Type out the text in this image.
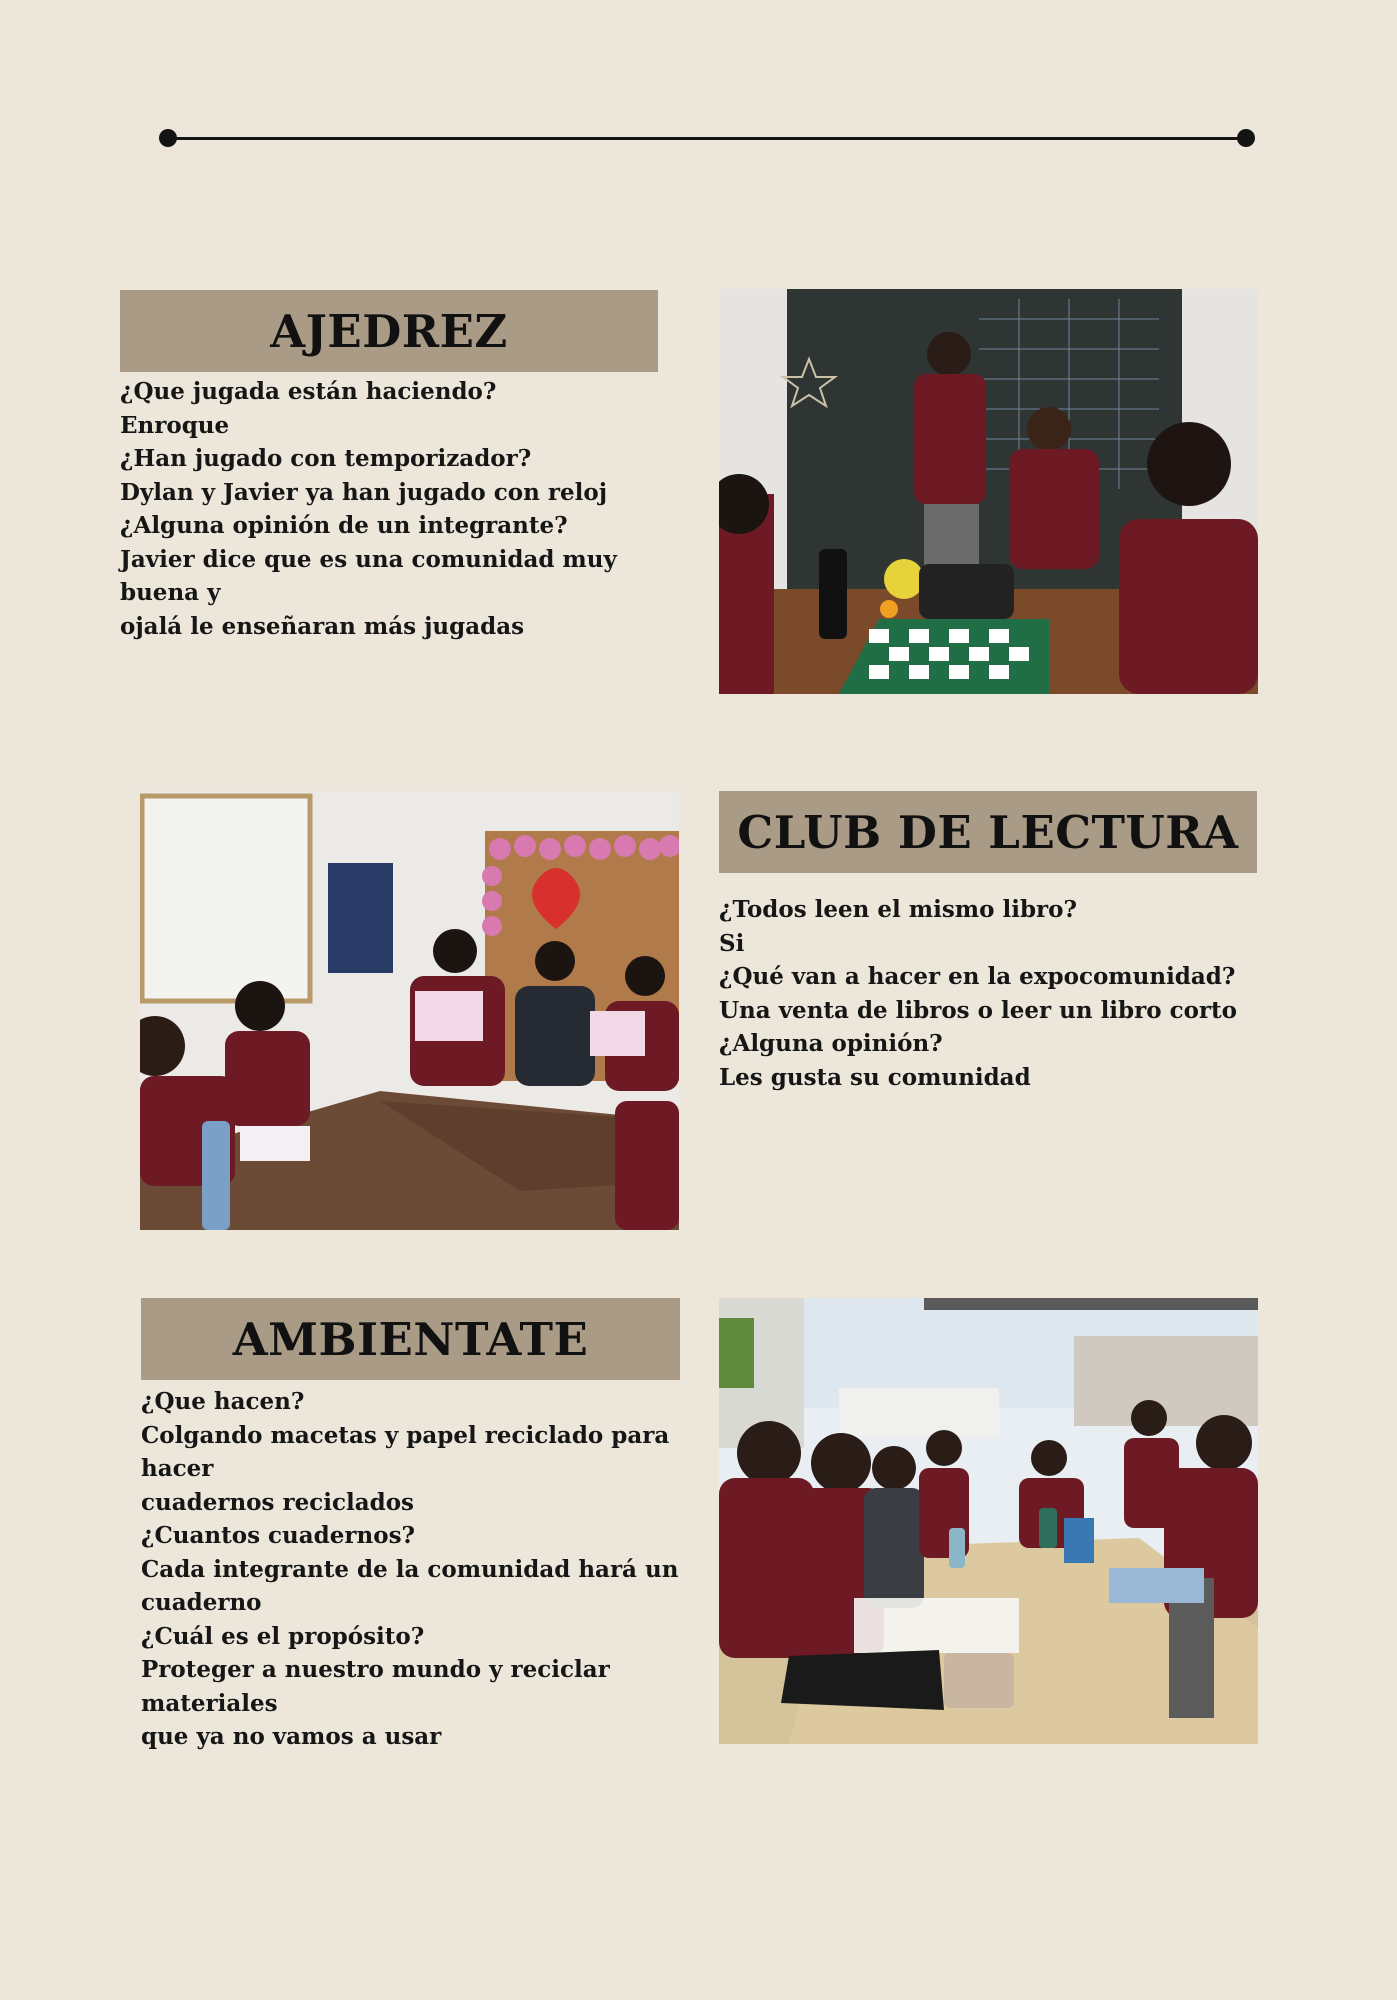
AJEDREZ
¿Que jugada están haciendo?
Enroque
¿Han jugado con temporizador?
Dylan y Javier ya han jugado con reloj
¿Alguna opinión de un integrante?
Javier dice que es una comunidad muy buena y
ojalá le enseñaran más jugadas
CLUB DE LECTURA
¿Todos leen el mismo libro?
Si
¿Qué van a hacer en la expocomunidad?
Una venta de libros o leer un libro corto
¿Alguna opinión?
Les gusta su comunidad
AMBIENTATE
¿Que hacen?
Colgando macetas y papel reciclado para hacer
cuadernos reciclados
¿Cuantos cuadernos?
Cada integrante de la comunidad hará un
cuaderno
¿Cuál es el propósito?
Proteger a nuestro mundo y reciclar materiales
que ya no vamos a usar
